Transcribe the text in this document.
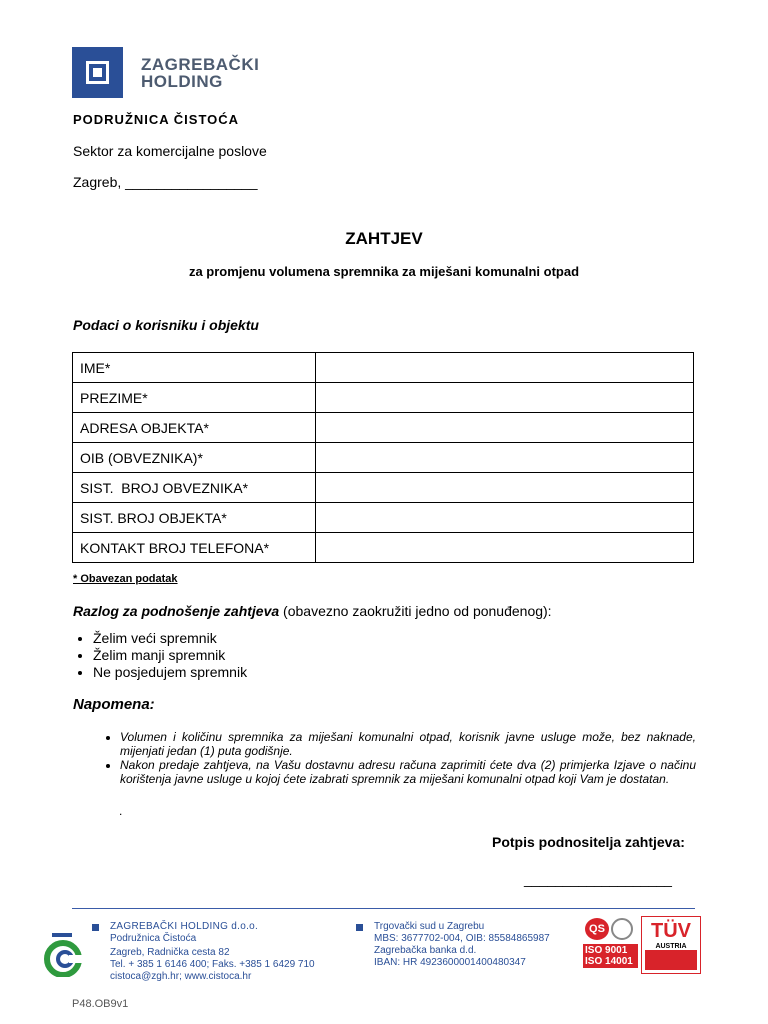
ZAGREBAČKI
HOLDING
PODRUŽNICA ČISTOĆA
Sektor za komercijalne poslove
Zagreb, _________________
ZAHTJEV
za promjenu volumena spremnika za miješani komunalni otpad
Podaci o korisniku i objektu
IME*	
PREZIME*	
ADRESA OBJEKTA*	
OIB (OBVEZNIKA)*	
SIST.  BROJ OBVEZNIKA*	
SIST. BROJ OBJEKTA*	
KONTAKT BROJ TELEFONA*	
* Obavezan podatak
Razlog za podnošenje zahtjeva (obavezno zaokružiti jedno od ponuđenog):
• Želim veći spremnik
• Želim manji spremnik
• Ne posjedujem spremnik
Napomena:
• Volumen i količinu spremnika za miješani komunalni otpad, korisnik javne usluge može, bez naknade, mijenjati jedan (1) puta godišnje.
• Nakon predaje zahtjeva, na Vašu dostavnu adresu računa zaprimiti ćete dva (2) primjerka Izjave o načinu korištenja javne usluge u kojoj ćete izabrati spremnik za miješani komunalni otpad koji Vam je dostatan.
.
Potpis podnositelja zahtjeva:
___________________
ZAGREBAČKI HOLDING d.o.o.
Podružnica Čistoća
Zagreb, Radnička cesta 82
Tel. + 385 1 6146 400; Faks. +385 1 6429 710
cistoca@zgh.hr; www.cistoca.hr
Trgovački sud u Zagrebu
MBS: 3677702-004, OIB: 85584865987
Zagrebačka banka d.d.
IBAN: HR 4923600001400480347
QS
ISO 9001
ISO 14001
TÜV
AUSTRIA
P48.OB9v1
